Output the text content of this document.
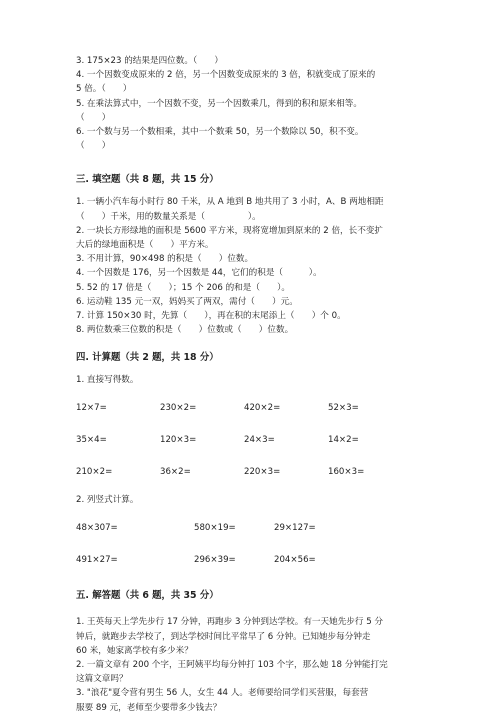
3. 175×23 的结果是四位数。（　　）
4. 一个因数变成原来的 2 倍，另一个因数变成原来的 3 倍，积就变成了原来的
5 倍。（　　）
5. 在乘法算式中，一个因数不变，另一个因数乘几，得到的积和原来相等。
（　　）
6. 一个数与另一个数相乘，其中一个数乘 50，另一个数除以 50，积不变。
（　　）
三. 填空题（共 8 题，共 15 分）
1. 一辆小汽车每小时行 80 千米，从 A 地到 B 地共用了 3 小时，A、B 两地相距
（　　）千米，用的数量关系是（　　　　　）。
2. 一块长方形绿地的面积是 5600 平方米，现将宽增加到原来的 2 倍，长不变扩
大后的绿地面积是（　　）平方米。
3. 不用计算，90×498 的积是（　　）位数。
4. 一个因数是 176，另一个因数是 44，它们的积是（　　　）。
5. 52 的 17 倍是（　　）；15 个 206 的和是（　　）。
6. 运动鞋 135 元一双，妈妈买了两双，需付（　　）元。
7. 计算 150×30 时，先算（　　），再在积的末尾添上（　　）个 0。
8. 两位数乘三位数的积是（　　）位数或（　　）位数。
四. 计算题（共 2 题，共 18 分）
1. 直接写得数。
12×7=	230×2=	420×2=	52×3=
35×4=	120×3=	24×3=	14×2=
210×2=	36×2=	220×3=	160×3=
2. 列竖式计算。
48×307=	580×19=	29×127=
491×27=	296×39=	204×56=
五. 解答题（共 6 题，共 35 分）
1. 王英每天上学先步行 17 分钟，再跑步 3 分钟到达学校。有一天她先步行 5 分
钟后，就跑步去学校了，到达学校时间比平常早了 6 分钟。已知她步每分钟走
60 米，她家离学校有多少米？
2. 一篇文章有 200 个字，王阿姨平均每分钟打 103 个字，那么她 18 分钟能打完
这篇文章吗？
3. "浪花"夏令营有男生 56 人，女生 44 人。老师要给同学们买营服，每套营
服要 89 元，老师至少要带多少钱去？
